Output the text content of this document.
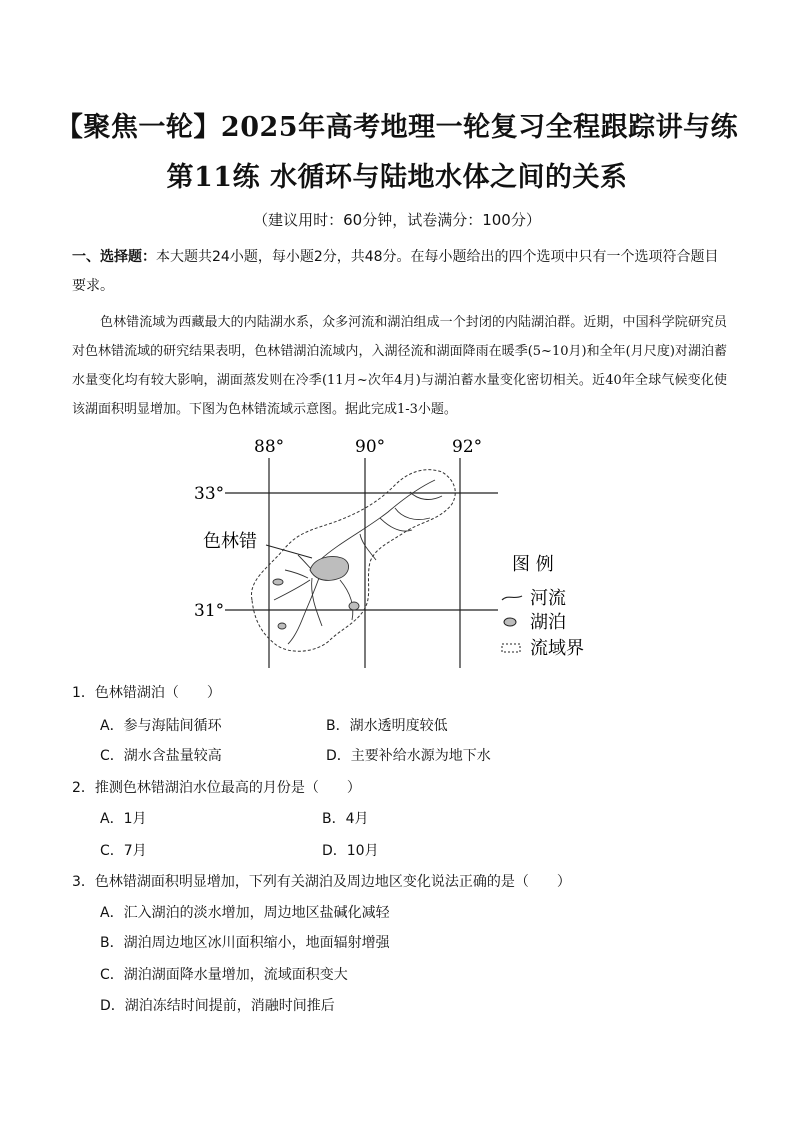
【聚焦一轮】2025年高考地理一轮复习全程跟踪讲与练
第11练 水循环与陆地水体之间的关系
（建议用时：60分钟，试卷满分：100分）
一、选择题：本大题共24小题，每小题2分，共48分。在每小题给出的四个选项中只有一个选项符合题目要求。
色林错流域为西藏最大的内陆湖水系，众多河流和湖泊组成一个封闭的内陆湖泊群。近期，中国科学院研究员对色林错流域的研究结果表明，色林错湖泊流域内，入湖径流和湖面降雨在暖季(5~10月)和全年(月尺度)对湖泊蓄水量变化均有较大影响，湖面蒸发则在冷季(11月~次年4月)与湖泊蓄水量变化密切相关。近40年全球气候变化使该湖面积明显增加。下图为色林错流域示意图。据此完成1-3小题。
88°	90°	92°
33°
31°
色林错
图 例
河流
湖泊
流域界
1．色林错湖泊（　　）
A．参与海陆间循环	B．湖水透明度较低
C．湖水含盐量较高	D．主要补给水源为地下水
2．推测色林错湖泊水位最高的月份是（　　）
A．1月	B．4月
C．7月	D．10月
3．色林错湖面积明显增加，下列有关湖泊及周边地区变化说法正确的是（　　）
A．汇入湖泊的淡水增加，周边地区盐碱化减轻
B．湖泊周边地区冰川面积缩小，地面辐射增强
C．湖泊湖面降水量增加，流域面积变大
D．湖泊冻结时间提前，消融时间推后
